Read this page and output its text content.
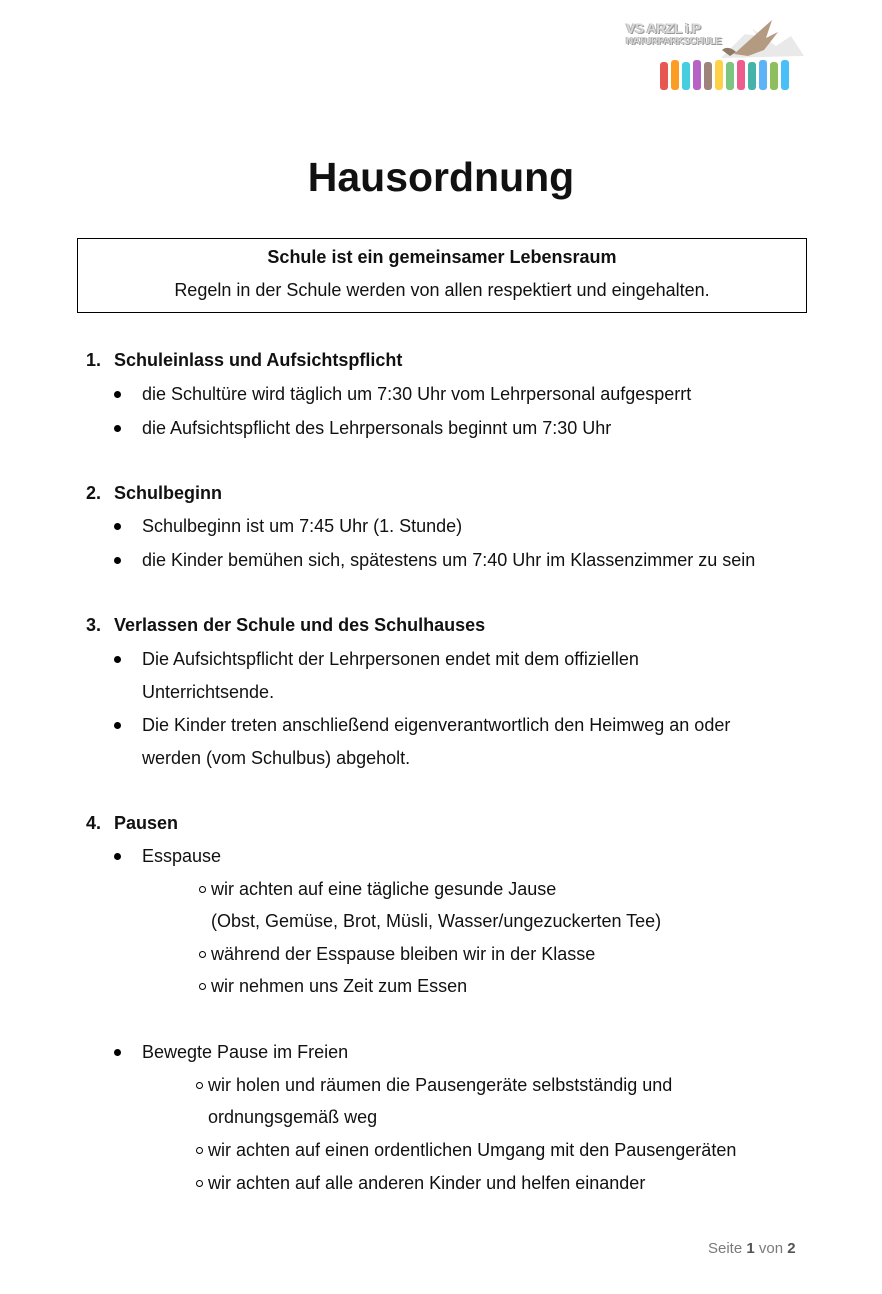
VS ARZL i.P
NATURPARKSCHULE
Hausordnung
Schule ist ein gemeinsamer Lebensraum
Regeln in der Schule werden von allen respektiert und eingehalten.
1. Schuleinlass und Aufsichtspflicht
die Schultüre wird täglich um 7:30 Uhr vom Lehrpersonal aufgesperrt
die Aufsichtspflicht des Lehrpersonals beginnt um 7:30 Uhr
2. Schulbeginn
Schulbeginn ist um 7:45 Uhr (1. Stunde)
die Kinder bemühen sich, spätestens um 7:40 Uhr im Klassenzimmer zu sein
3. Verlassen der Schule und des Schulhauses
Die Aufsichtspflicht der Lehrpersonen endet mit dem offiziellen
Unterrichtsende.
Die Kinder treten anschließend eigenverantwortlich den Heimweg an oder
werden (vom Schulbus) abgeholt.
4. Pausen
Esspause
wir achten auf eine tägliche gesunde Jause
(Obst, Gemüse, Brot, Müsli, Wasser/ungezuckerten Tee)
während der Esspause bleiben wir in der Klasse
wir nehmen uns Zeit zum Essen
Bewegte Pause im Freien
wir holen und räumen die Pausengeräte selbstständig und
ordnungsgemäß weg
wir achten auf einen ordentlichen Umgang mit den Pausengeräten
wir achten auf alle anderen Kinder und helfen einander
Seite 1 von 2
